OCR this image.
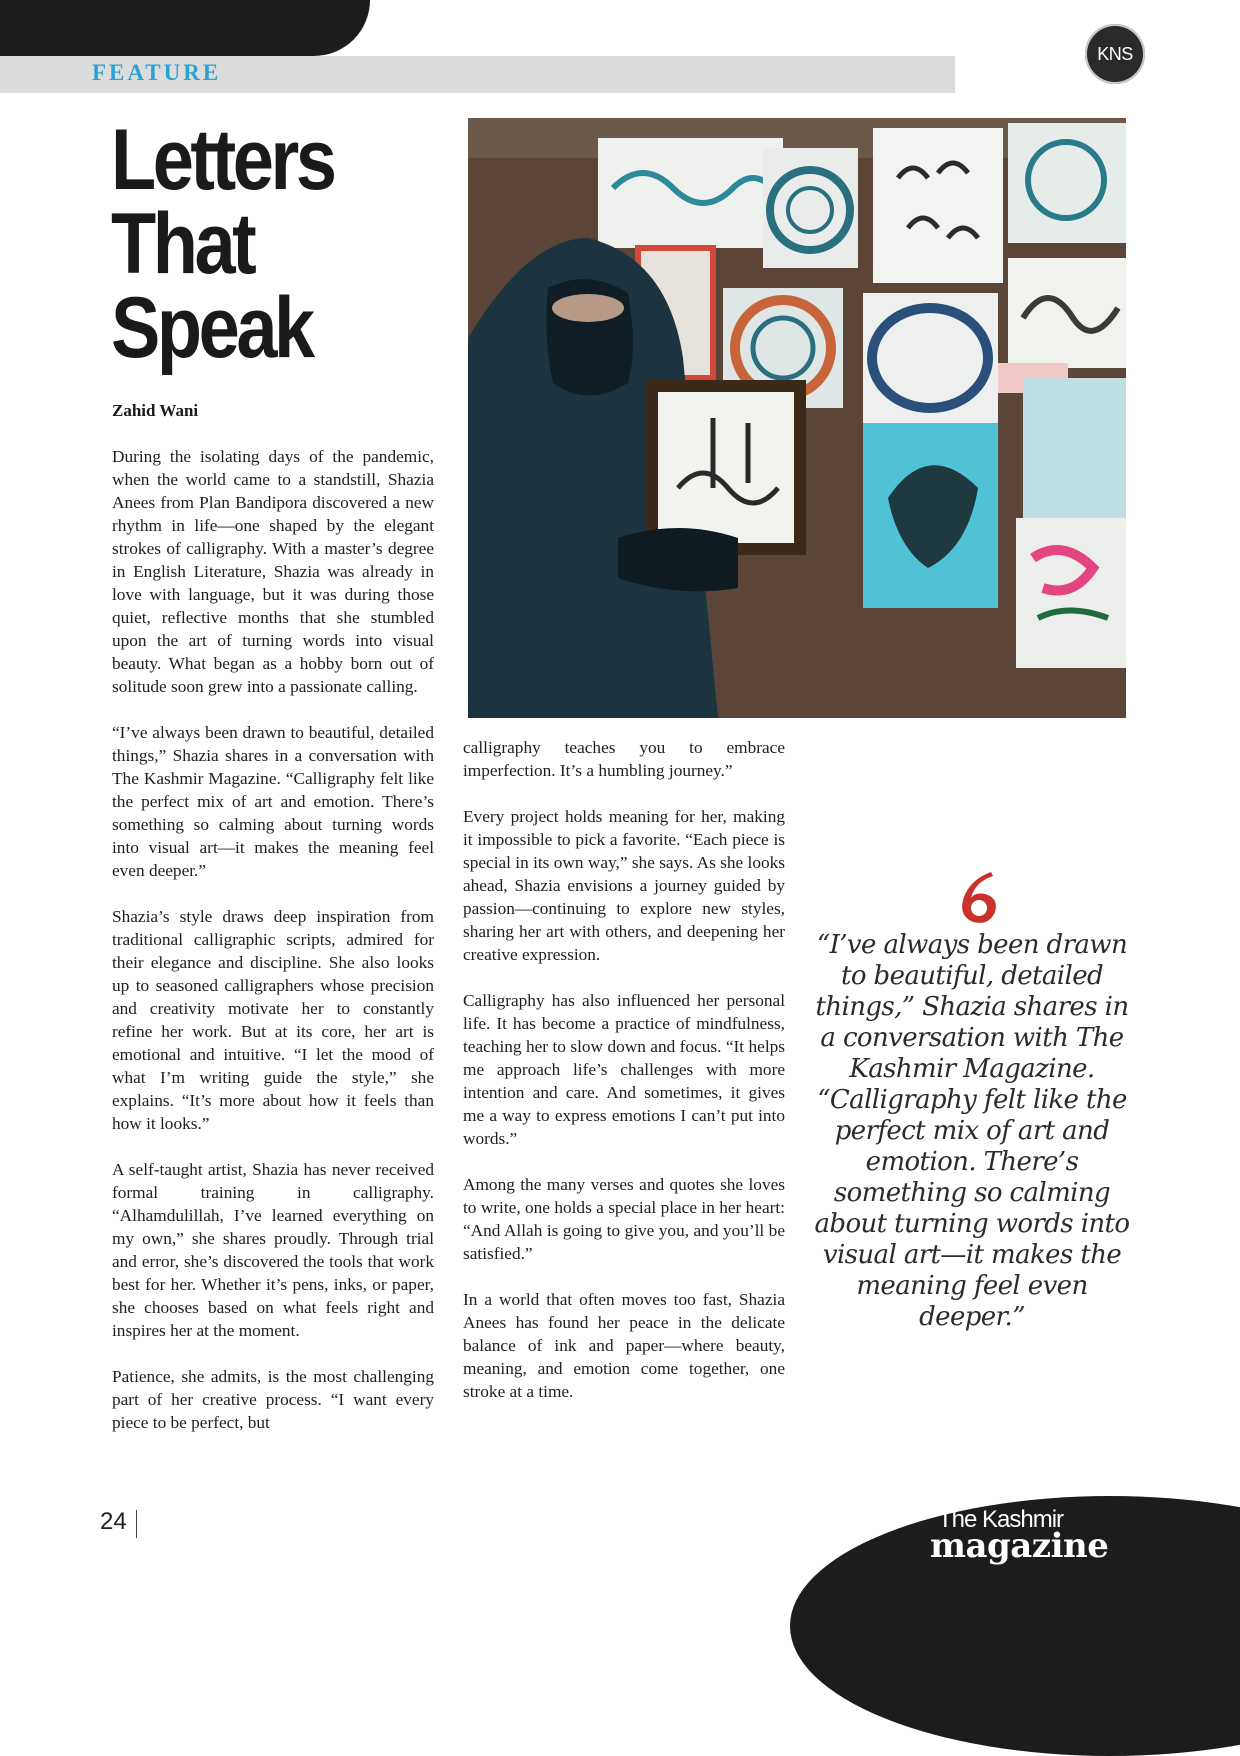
FEATURE
KNS
Letters
That
Speak
Zahid Wani

During the isolating days of the pandemic, when the world came to a standstill, Shazia Anees from Plan Bandipora discovered a new rhythm in life—one shaped by the elegant strokes of calligraphy. With a master’s degree in English Literature, Shazia was already in love with language, but it was during those quiet, reflective months that she stumbled upon the art of turning words into visual beauty. What began as a hobby born out of solitude soon grew into a passionate calling.

“I’ve always been drawn to beautiful, detailed things,” Shazia shares in a conversation with The Kashmir Magazine. “Calligraphy felt like the perfect mix of art and emotion. There’s something so calming about turning words into visual art—it makes the meaning feel even deeper.”

Shazia’s style draws deep inspiration from traditional calligraphic scripts, admired for their elegance and discipline. She also looks up to seasoned calligraphers whose precision and creativity motivate her to constantly refine her work. But at its core, her art is emotional and intuitive. “I let the mood of what I’m writing guide the style,” she explains. “It’s more about how it feels than how it looks.”

A self-taught artist, Shazia has never received formal training in calligraphy. “Alhamdulillah, I’ve learned everything on my own,” she shares proudly. Through trial and error, she’s discovered the tools that work best for her. Whether it’s pens, inks, or paper, she chooses based on what feels right and inspires her at the moment.

Patience, she admits, is the most challenging part of her creative process. “I want every piece to be perfect, but

calligraphy teaches you to embrace imperfection. It’s a humbling journey.”

Every project holds meaning for her, making it impossible to pick a favorite. “Each piece is special in its own way,” she says. As she looks ahead, Shazia envisions a journey guided by passion—continuing to explore new styles, sharing her art with others, and deepening her creative expression.

Calligraphy has also influenced her personal life. It has become a practice of mindfulness, teaching her to slow down and focus. “It helps me approach life’s challenges with more intention and care. And sometimes, it gives me a way to express emotions I can’t put into words.”

Among the many verses and quotes she loves to write, one holds a special place in her heart: “And Allah is going to give you, and you’ll be satisfied.”

In a world that often moves too fast, Shazia Anees has found her peace in the delicate balance of ink and paper—where beauty, meaning, and emotion come together, one stroke at a time.

“I’ve always been drawn to beautiful, detailed things,” Shazia shares in a conversation with The Kashmir Magazine. “Calligraphy felt like the perfect mix of art and emotion. There’s something so calming about turning words into visual art—it makes the meaning feel even deeper.”
24	The Kashmir
magazine
